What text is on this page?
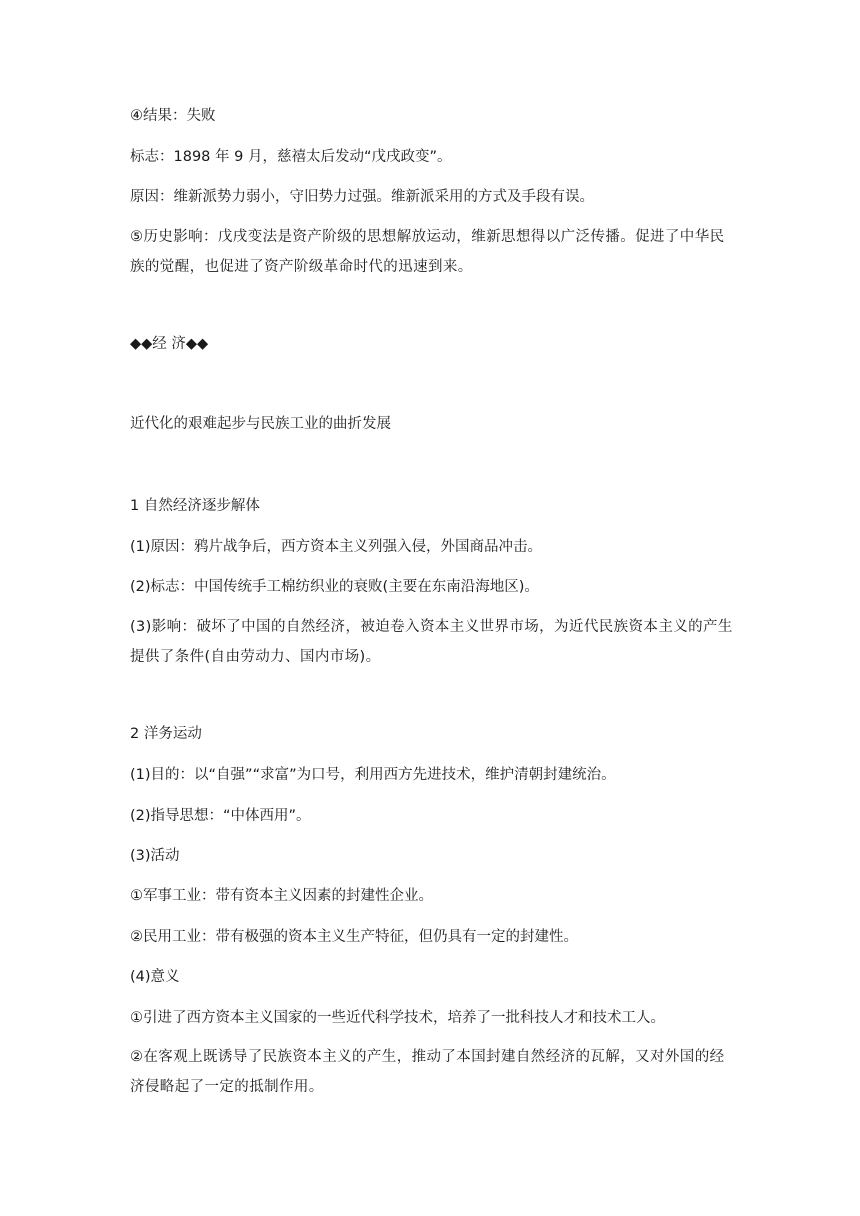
④结果：失败
标志：1898 年 9 月，慈禧太后发动“戊戌政变”。
原因：维新派势力弱小，守旧势力过强。维新派采用的方式及手段有误。
⑤历史影响：戊戌变法是资产阶级的思想解放运动，维新思想得以广泛传播。促进了中华民族的觉醒，也促进了资产阶级革命时代的迅速到来。
◆◆经 济◆◆
近代化的艰难起步与民族工业的曲折发展
1 自然经济逐步解体
(1)原因：鸦片战争后，西方资本主义列强入侵，外国商品冲击。
(2)标志：中国传统手工棉纺织业的衰败(主要在东南沿海地区)。
(3)影响：破坏了中国的自然经济，被迫卷入资本主义世界市场，为近代民族资本主义的产生提供了条件(自由劳动力、国内市场)。
2 洋务运动
(1)目的：以“自强”“求富”为口号，利用西方先进技术，维护清朝封建统治。
(2)指导思想：“中体西用”。
(3)活动
①军事工业：带有资本主义因素的封建性企业。
②民用工业：带有极强的资本主义生产特征，但仍具有一定的封建性。
(4)意义
①引进了西方资本主义国家的一些近代科学技术，培养了一批科技人才和技术工人。
②在客观上既诱导了民族资本主义的产生，推动了本国封建自然经济的瓦解，又对外国的经济侵略起了一定的抵制作用。
